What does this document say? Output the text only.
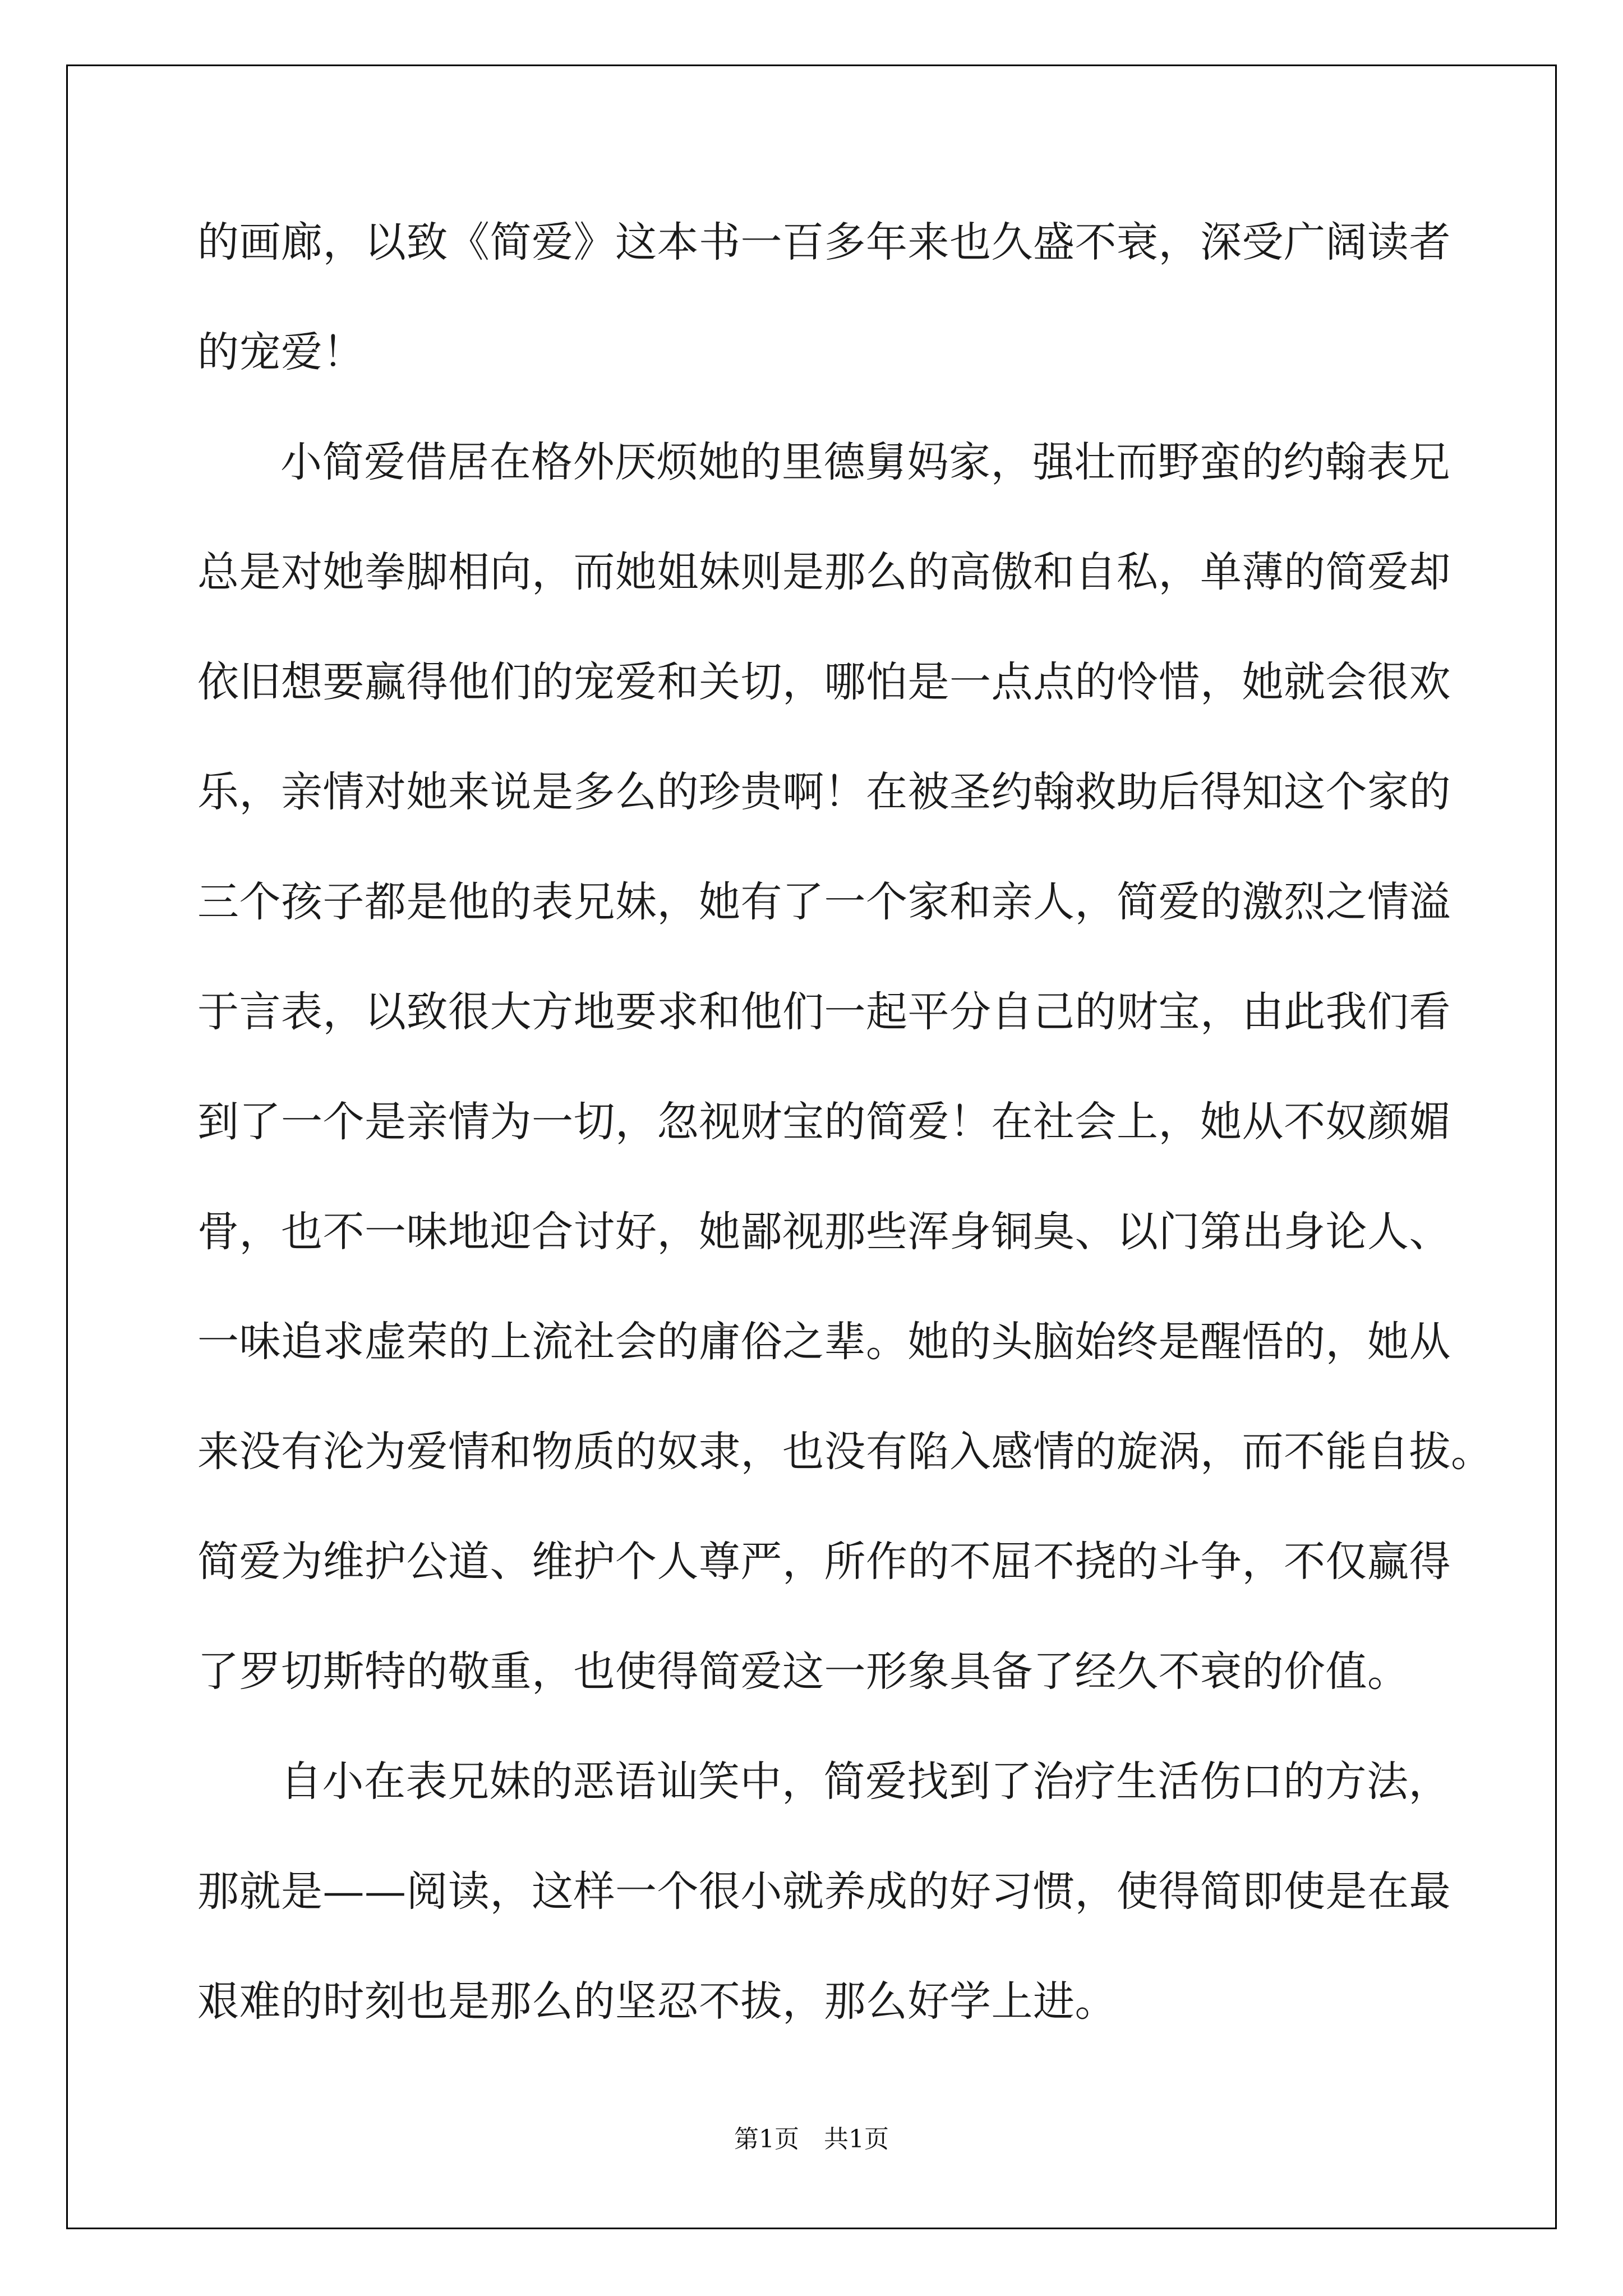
的画廊，以致《简爱》这本书一百多年来也久盛不衰，深受广阔读者
的宠爱！
小简爱借居在格外厌烦她的里德舅妈家，强壮而野蛮的约翰表兄
总是对她拳脚相向，而她姐妹则是那么的高傲和自私，单薄的简爱却
依旧想要赢得他们的宠爱和关切，哪怕是一点点的怜惜，她就会很欢
乐，亲情对她来说是多么的珍贵啊！在被圣约翰救助后得知这个家的
三个孩子都是他的表兄妹，她有了一个家和亲人，简爱的激烈之情溢
于言表，以致很大方地要求和他们一起平分自己的财宝，由此我们看
到了一个是亲情为一切，忽视财宝的简爱！在社会上，她从不奴颜媚
骨，也不一味地迎合讨好，她鄙视那些浑身铜臭、以门第出身论人、
一味追求虚荣的上流社会的庸俗之辈。她的头脑始终是醒悟的，她从
来没有沦为爱情和物质的奴隶，也没有陷入感情的旋涡，而不能自拔。
简爱为维护公道、维护个人尊严，所作的不屈不挠的斗争，不仅赢得
了罗切斯特的敬重，也使得简爱这一形象具备了经久不衰的价值。
自小在表兄妹的恶语讪笑中，简爱找到了治疗生活伤口的方法，
那就是——阅读，这样一个很小就养成的好习惯，使得简即使是在最
艰难的时刻也是那么的坚忍不拔，那么好学上进。
第1页 共1页
